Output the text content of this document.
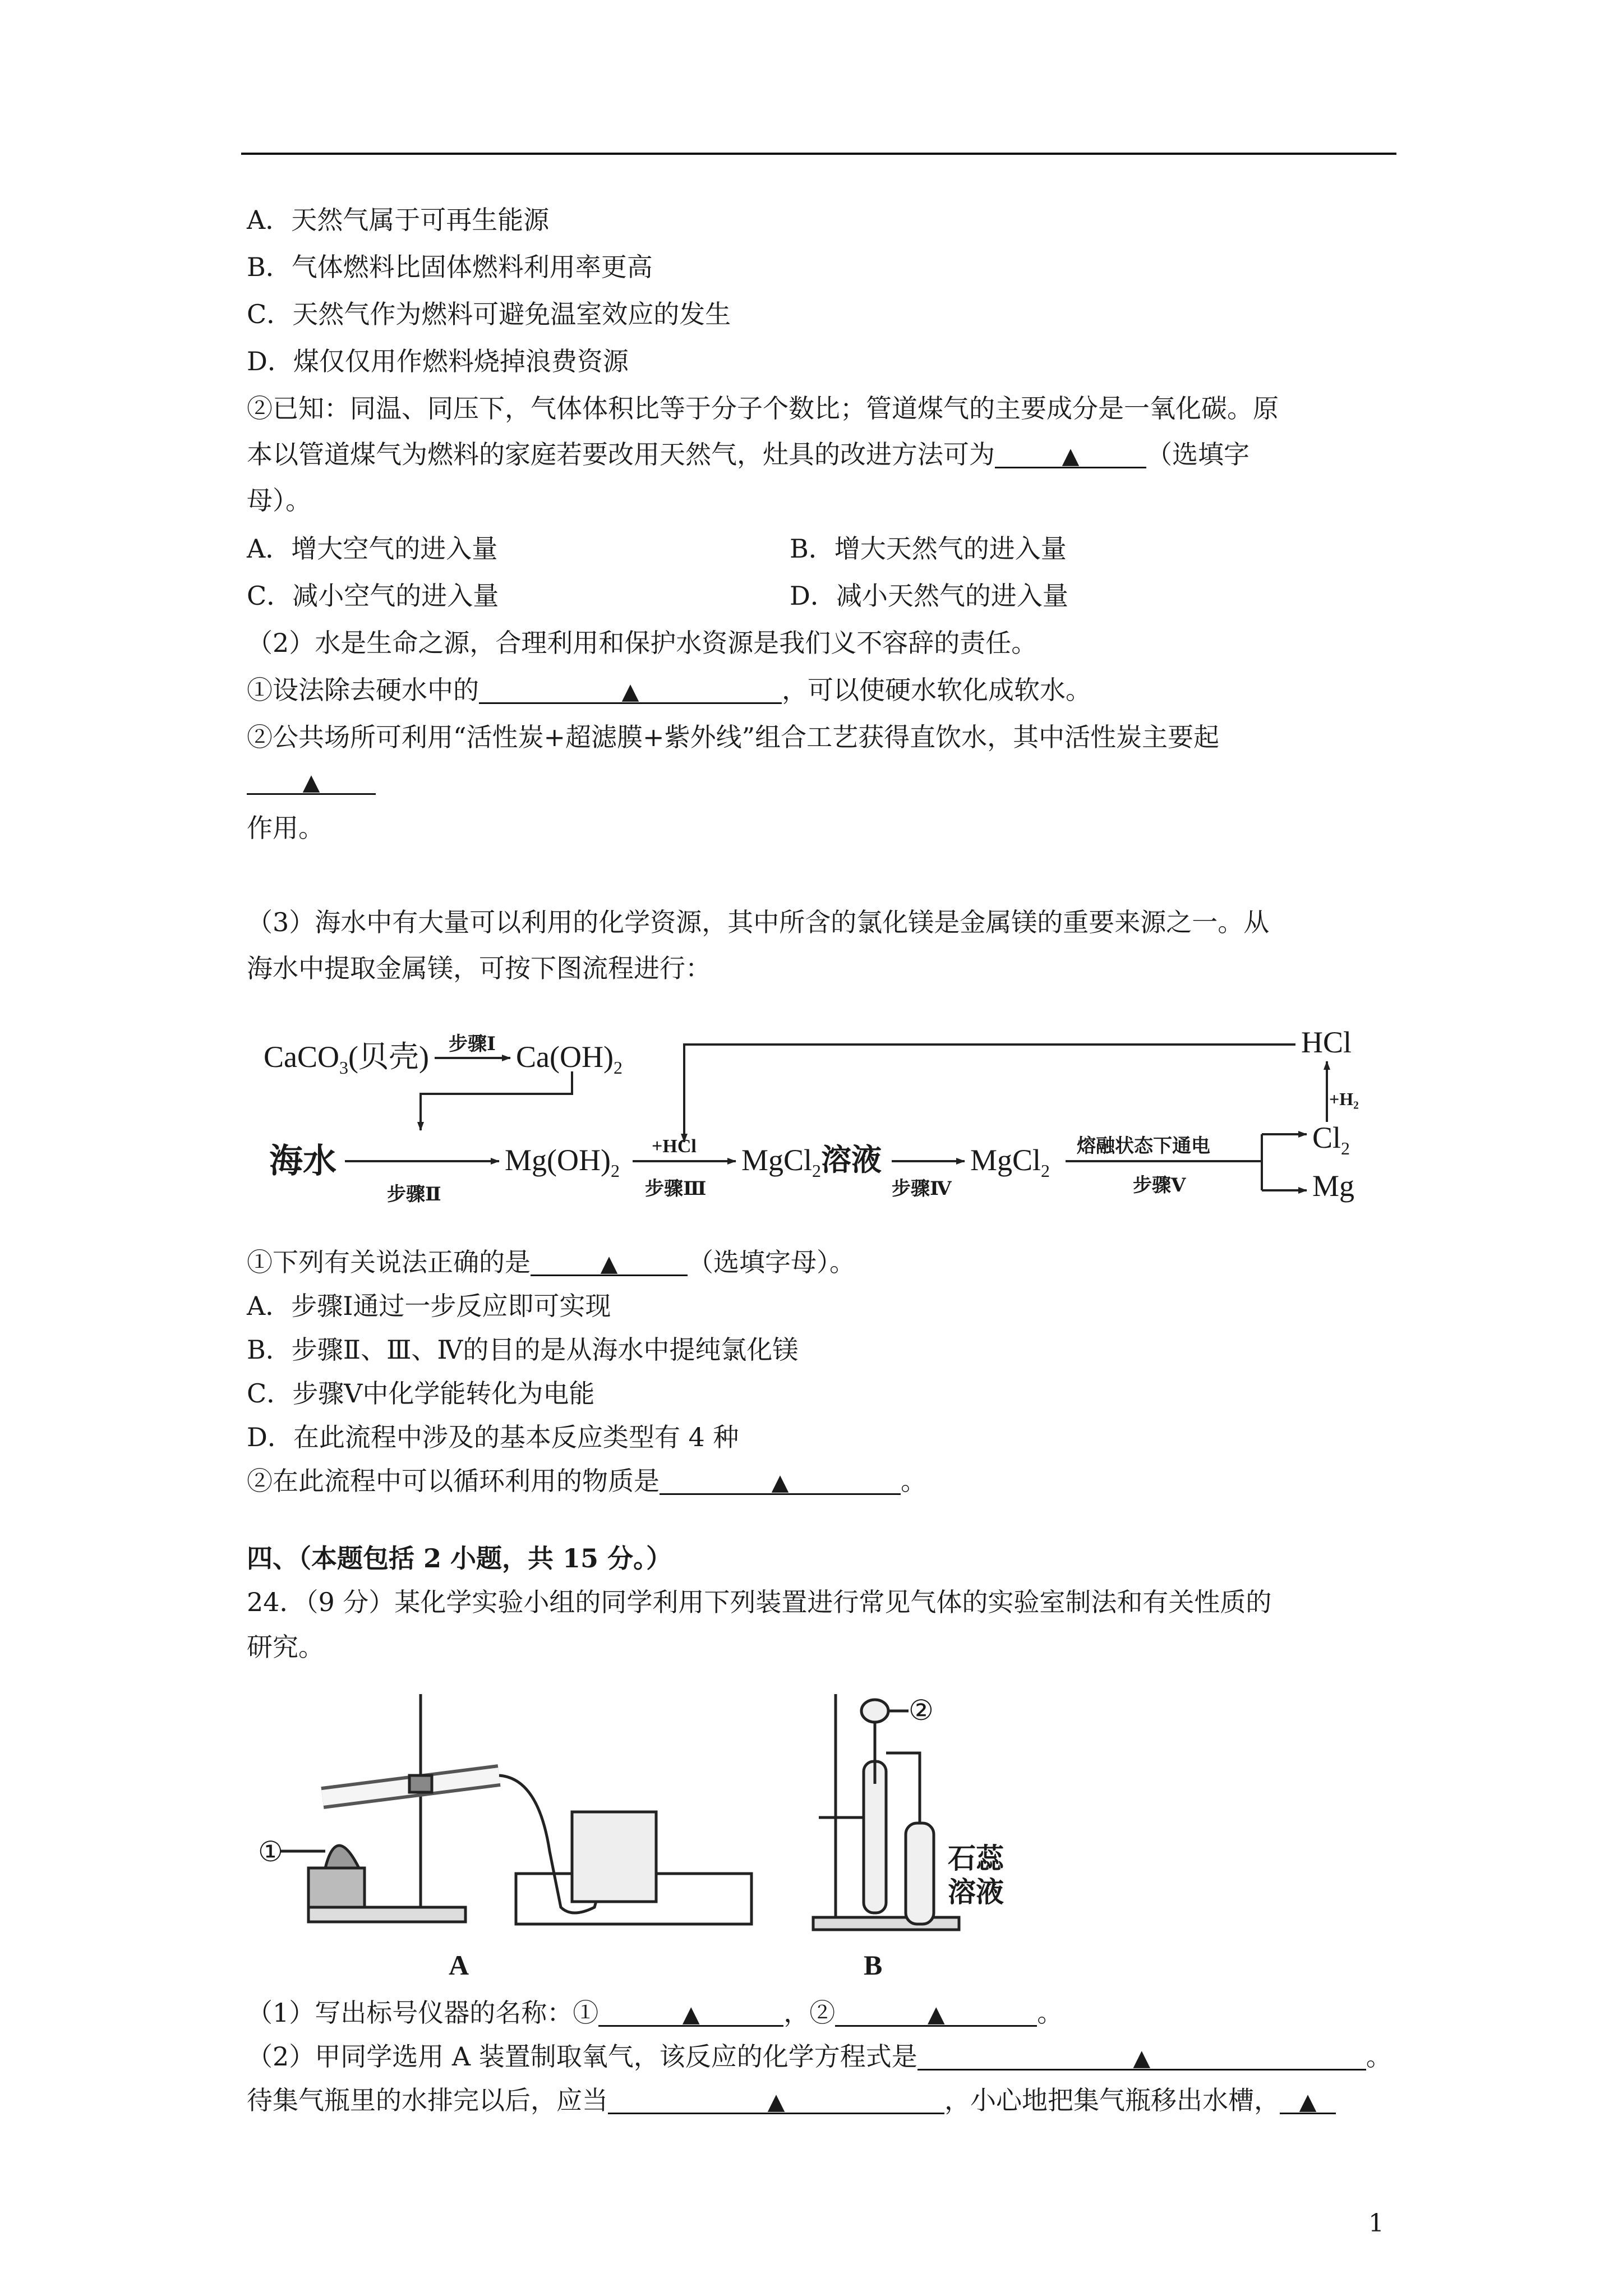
A．天然气属于可再生能源
B．气体燃料比固体燃料利用率更高
C．天然气作为燃料可避免温室效应的发生
D．煤仅仅用作燃料烧掉浪费资源
②已知：同温、同压下，气体体积比等于分子个数比；管道煤气的主要成分是一氧化碳。原
本以管道煤气为燃料的家庭若要改用天然气，灶具的改进方法可为	▲	（选填字
母）。
A．增大空气的进入量	B．增大天然气的进入量
C．减小空气的进入量	D．减小天然气的进入量
（2）水是生命之源，合理利用和保护水资源是我们义不容辞的责任。
①设法除去硬水中的	▲	，可以使硬水软化成软水。
②公共场所可利用“活性炭+超滤膜+紫外线”组合工艺获得直饮水，其中活性炭主要起
▲
作用。
（3）海水中有大量可以利用的化学资源，其中所含的氯化镁是金属镁的重要来源之一。从
海水中提取金属镁，可按下图流程进行：
CaCO$_3$(贝壳) 步骤Ⅰ $Ca(OH)_2$
海水
步骤Ⅱ
$Mg(OH)_2$
+HCl
步骤Ⅲ
MgCl$_2$溶液
步骤Ⅳ
MgCl$_2$
熔融状态下通电
步骤Ⅴ
HCl
+H₂
$Cl_2$
Mg
①下列有关说法正确的是	▲	（选填字母）。
A．步骤Ⅰ通过一步反应即可实现
B．步骤Ⅱ、Ⅲ、Ⅳ的目的是从海水中提纯氯化镁
C．步骤Ⅴ中化学能转化为电能
D．在此流程中涉及的基本反应类型有 4 种
②在此流程中可以循环利用的物质是	▲	。
四、（本题包括 2 小题，共 15 分。）
24．（9 分）某化学实验小组的同学利用下列装置进行常见气体的实验室制法和有关性质的
研究。
①
②
石蕊
溶液
A	B
（1）写出标号仪器的名称：①	▲	，②	▲	。
（2）甲同学选用 A 装置制取氧气，该反应的化学方程式是	▲	。
待集气瓶里的水排完以后，应当	▲	，小心地把集气瓶移出水槽， ▲
1
